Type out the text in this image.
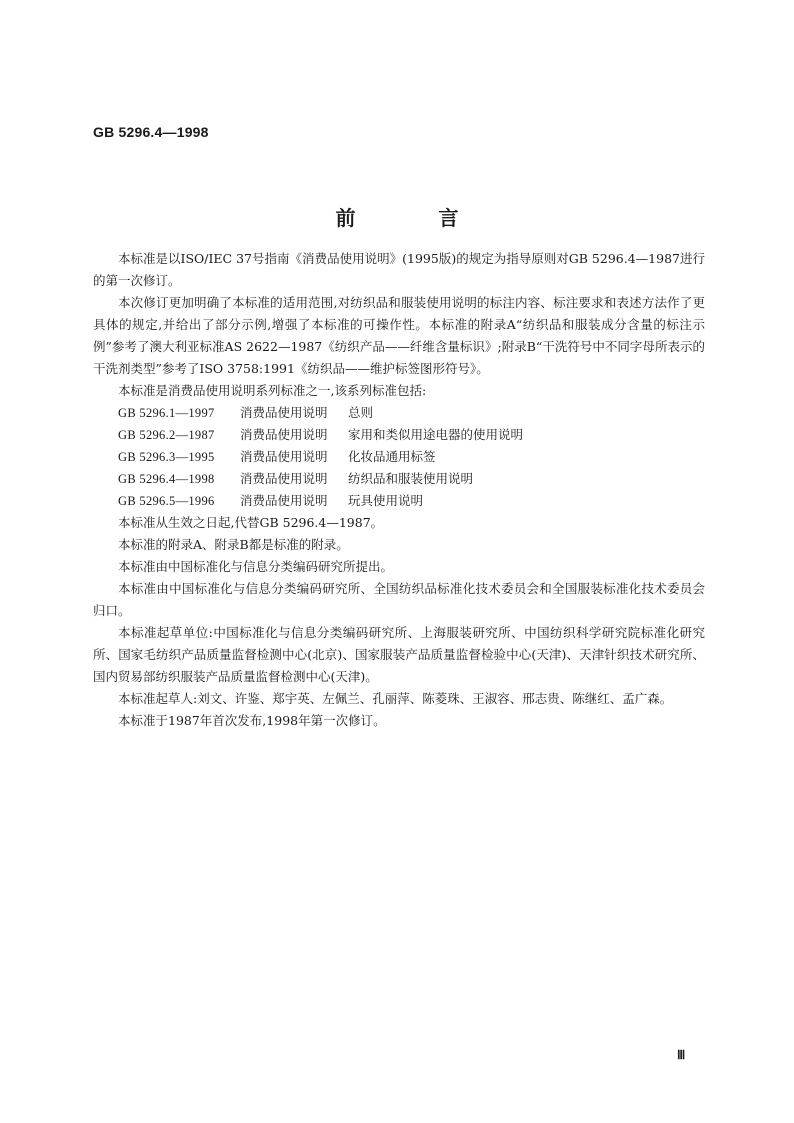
GB 5296.4—1998
前 言

本标准是以ISO/IEC 37号指南《消费品使用说明》(1995版)的规定为指导原则对GB 5296.4—1987进行的第一次修订。

本次修订更加明确了本标准的适用范围,对纺织品和服装使用说明的标注内容、标注要求和表述方法作了更具体的规定,并给出了部分示例,增强了本标准的可操作性。本标准的附录A“纺织品和服装成分含量的标注示例”参考了澳大利亚标准AS 2622—1987《纺织产品——纤维含量标识》;附录B“干洗符号中不同字母所表示的干洗剂类型”参考了ISO 3758:1991《纺织品——维护标签图形符号》。

本标准是消费品使用说明系列标准之一,该系列标准包括:

GB 5296.1—1997	消费品使用说明	总则
GB 5296.2—1987	消费品使用说明	家用和类似用途电器的使用说明
GB 5296.3—1995	消费品使用说明	化妆品通用标签
GB 5296.4—1998	消费品使用说明	纺织品和服装使用说明
GB 5296.5—1996	消费品使用说明	玩具使用说明

本标准从生效之日起,代替GB 5296.4—1987。

本标准的附录A、附录B都是标准的附录。

本标准由中国标准化与信息分类编码研究所提出。

本标准由中国标准化与信息分类编码研究所、全国纺织品标准化技术委员会和全国服装标准化技术委员会归口。

本标准起草单位:中国标准化与信息分类编码研究所、上海服装研究所、中国纺织科学研究院标准化研究所、国家毛纺织产品质量监督检测中心(北京)、国家服装产品质量监督检验中心(天津)、天津针织技术研究所、国内贸易部纺织服装产品质量监督检测中心(天津)。

本标准起草人:刘文、许鉴、郑宇英、左佩兰、孔丽萍、陈菱珠、王淑容、邢志贵、陈继红、孟广森。

本标准于1987年首次发布,1998年第一次修订。

Ⅲ
